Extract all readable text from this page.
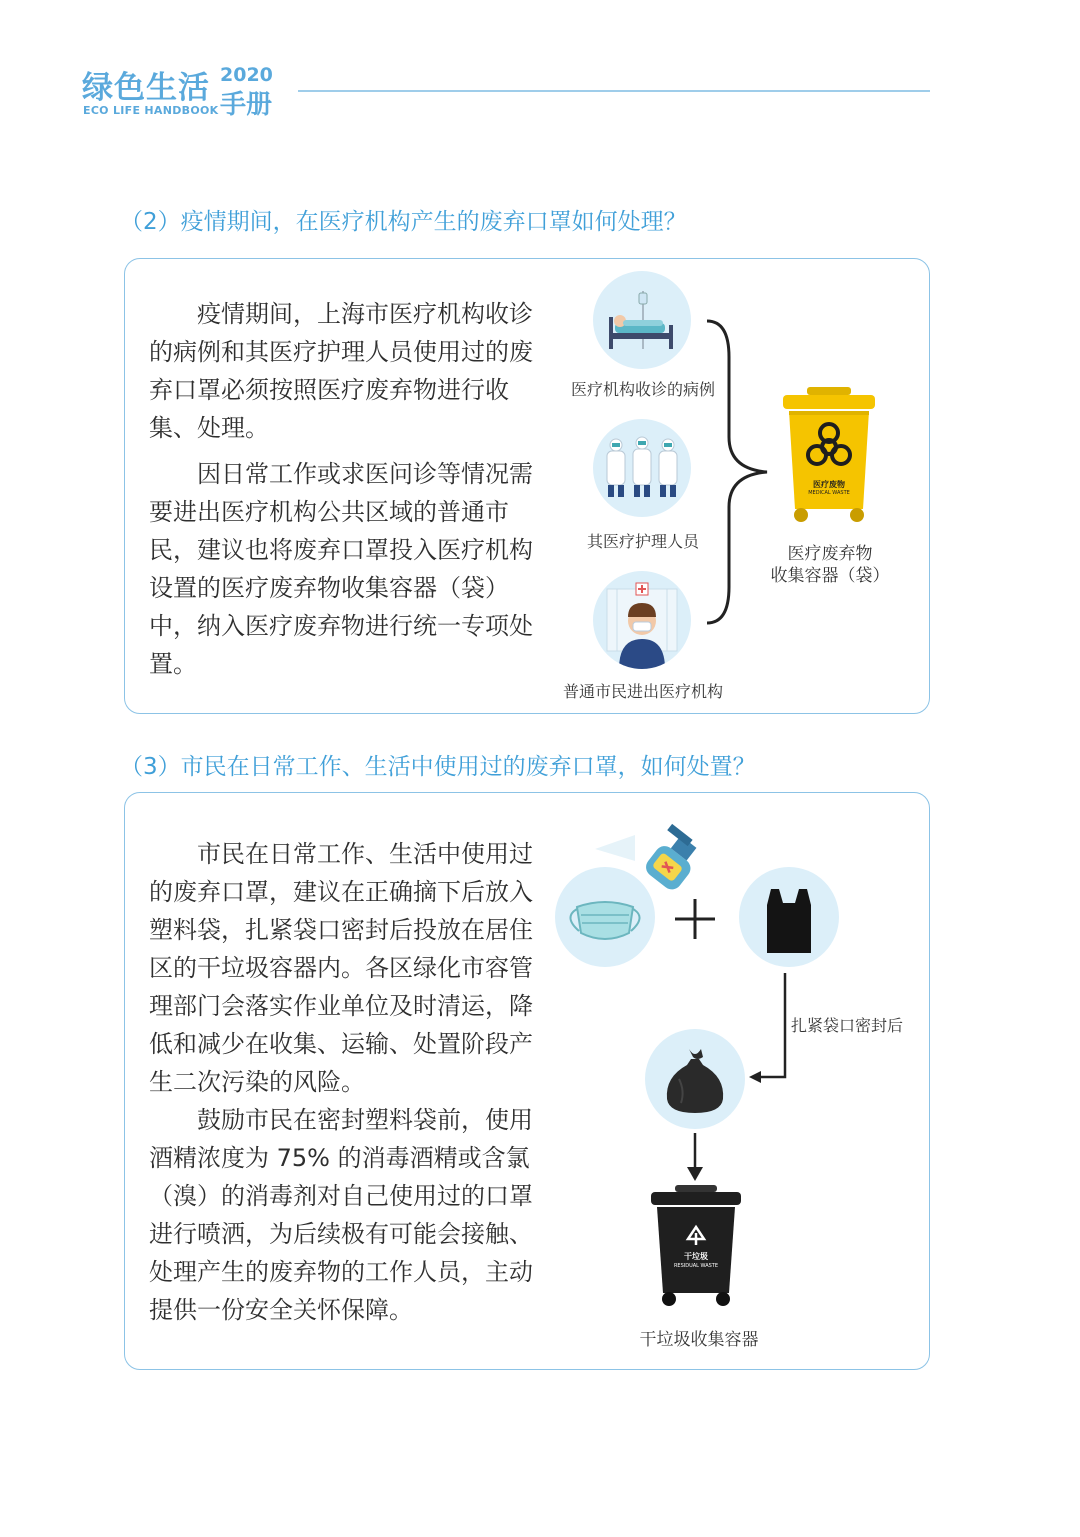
绿色生活 2020
手册
ECO LIFE HANDBOOK
（2）疫情期间，在医疗机构产生的废弃口罩如何处理？

疫情期间，上海市医疗机构收诊的病例和其医疗护理人员使用过的废弃口罩必须按照医疗废弃物进行收集、处理。

因日常工作或求医问诊等情况需要进出医疗机构公共区域的普通市民，建议也将废弃口罩投入医疗机构设置的医疗废弃物收集容器（袋）中，纳入医疗废弃物进行统一专项处置。

医疗机构收诊的病例
其医疗护理人员
普通市民进出医疗机构
医疗废物
MEDICAL WASTE
医疗废弃物
收集容器（袋）
（3）市民在日常工作、生活中使用过的废弃口罩，如何处置？

市民在日常工作、生活中使用过的废弃口罩，建议在正确摘下后放入塑料袋，扎紧袋口密封后投放在居住区的干垃圾容器内。各区绿化市容管理部门会落实作业单位及时清运，降低和减少在收集、运输、处置阶段产生二次污染的风险。

鼓励市民在密封塑料袋前，使用酒精浓度为 75% 的消毒酒精或含氯（溴）的消毒剂对自己使用过的口罩进行喷洒，为后续极有可能会接触、处理产生的废弃物的工作人员，主动提供一份安全关怀保障。

扎紧袋口密封后
干垃圾
RESIDUAL WASTE
干垃圾收集容器
